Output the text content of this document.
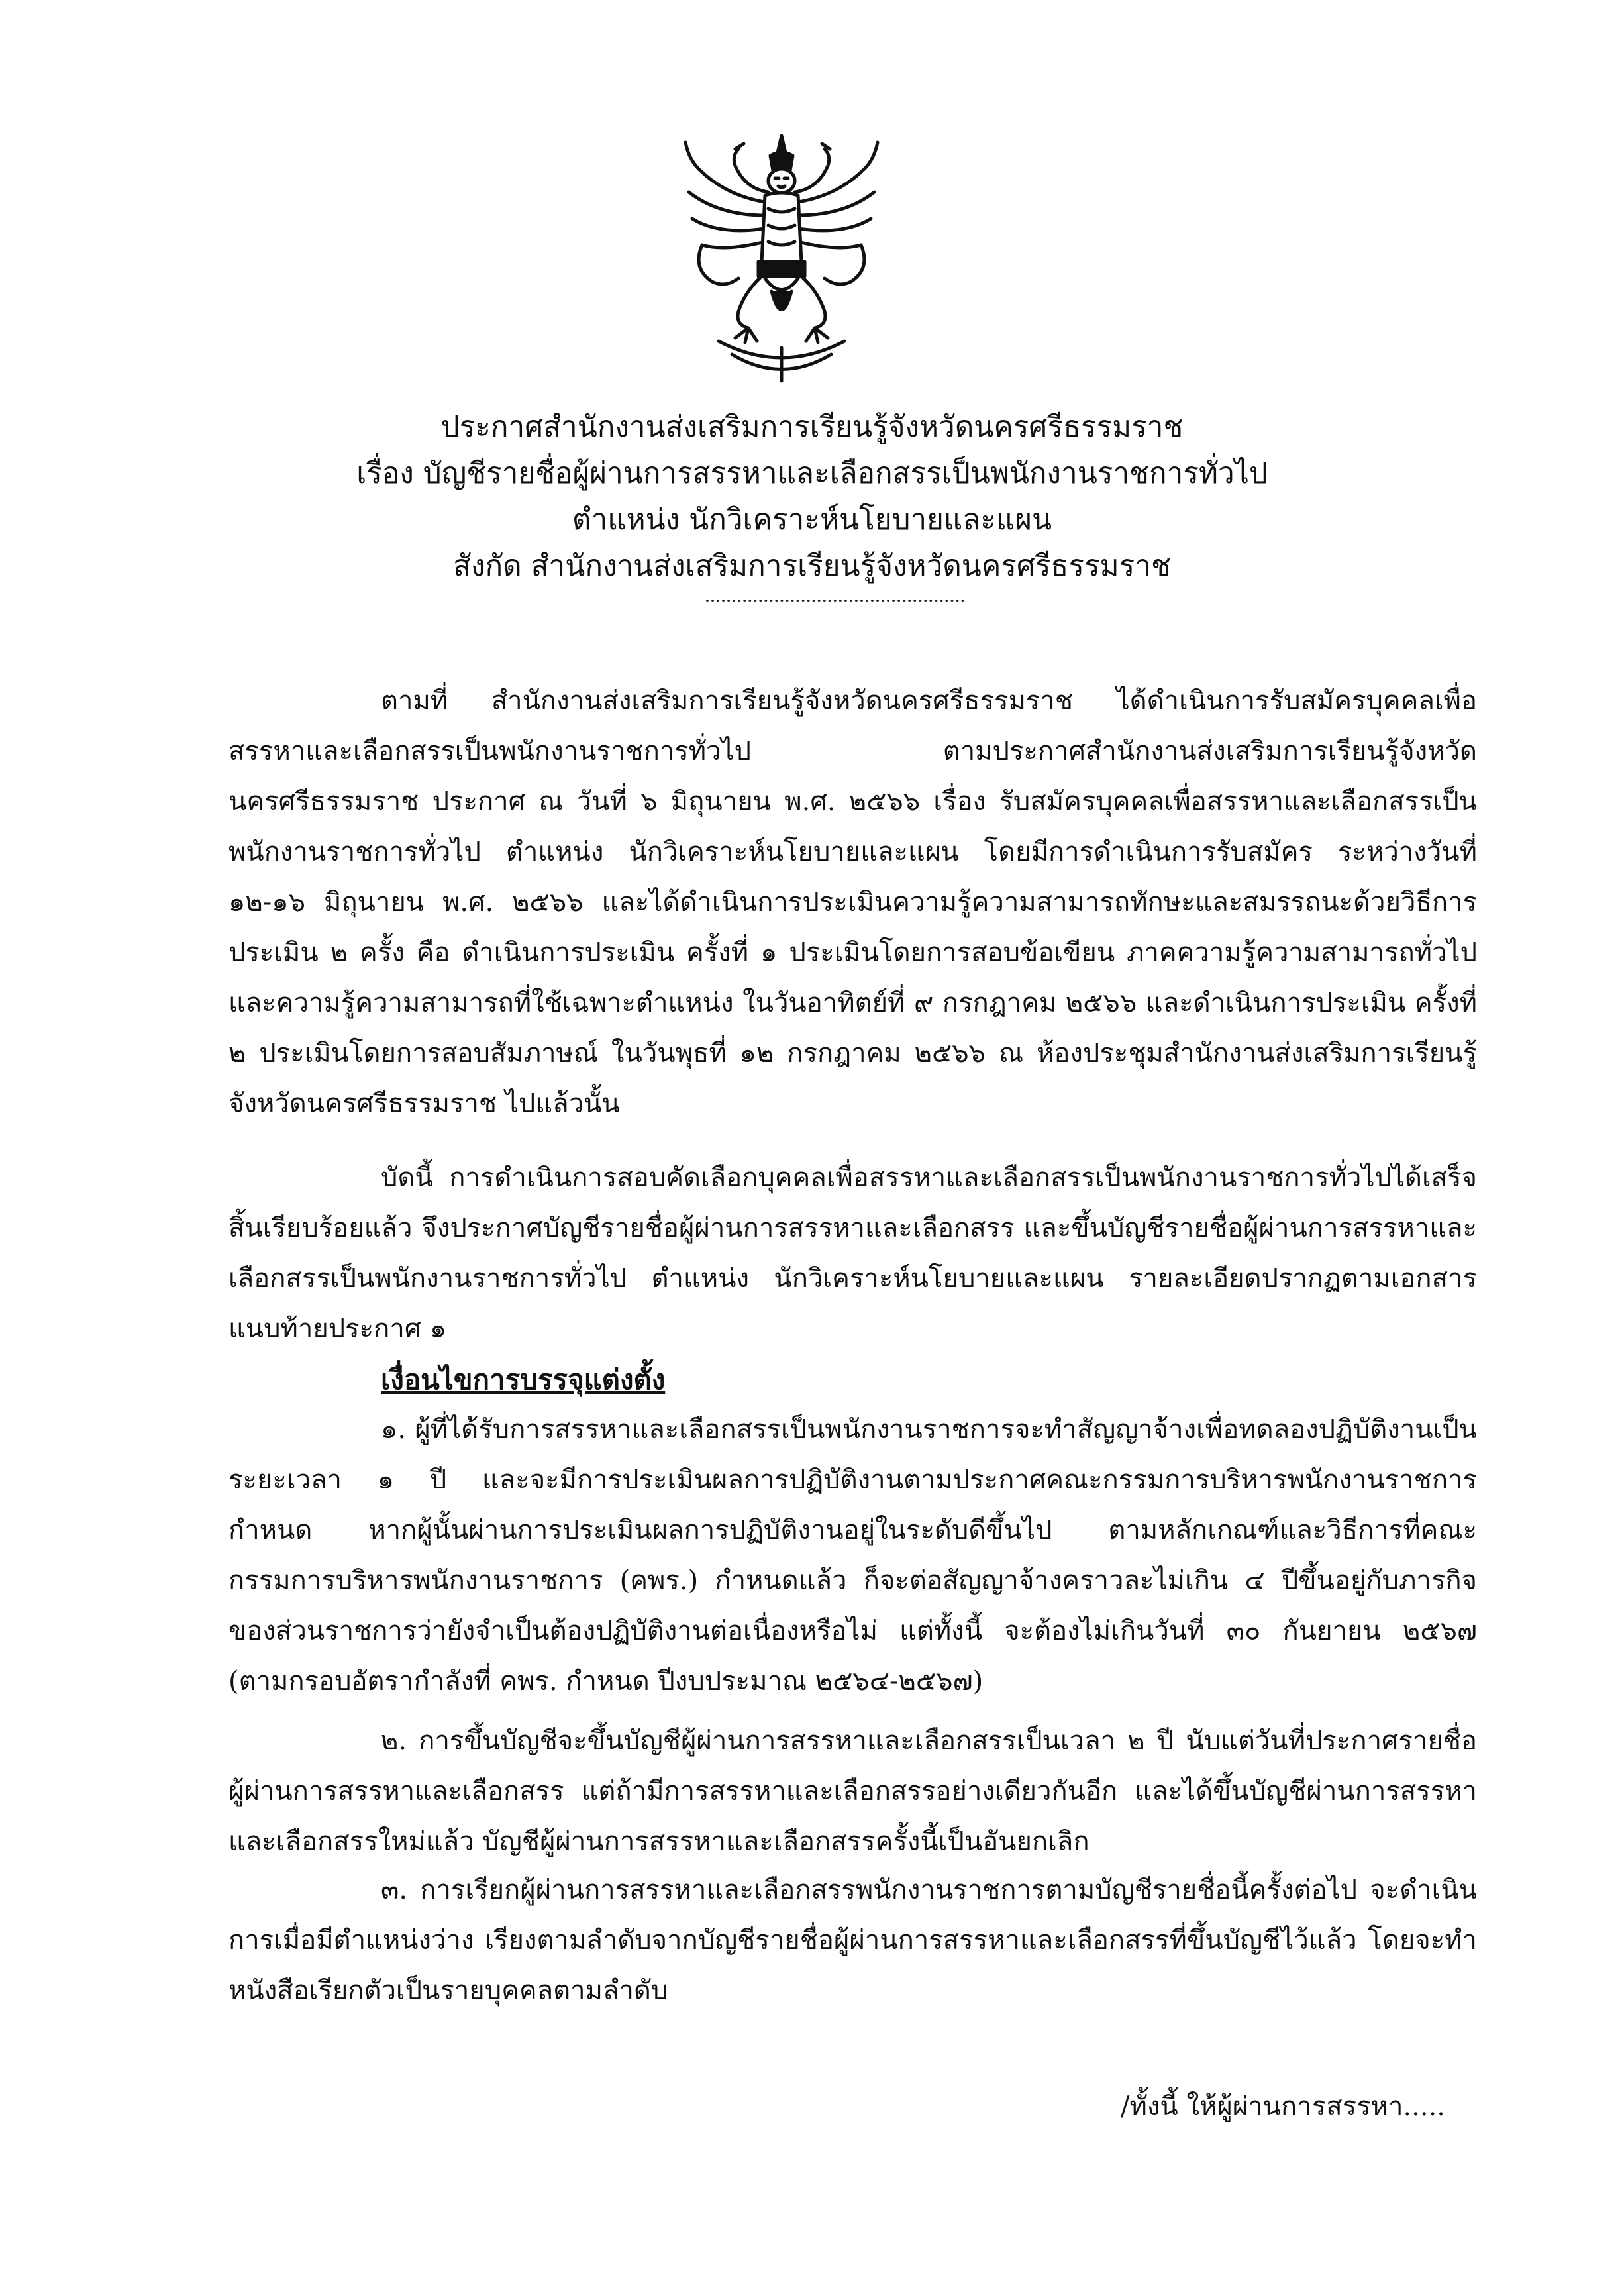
ประกาศสำนักงานส่งเสริมการเรียนรู้จังหวัดนครศรีธรรมราช
เรื่อง บัญชีรายชื่อผู้ผ่านการสรรหาและเลือกสรรเป็นพนักงานราชการทั่วไป
ตำแหน่ง นักวิเคราะห์นโยบายและแผน
สังกัด สำนักงานส่งเสริมการเรียนรู้จังหวัดนครศรีธรรมราช

ตามที่ สำนักงานส่งเสริมการเรียนรู้จังหวัดนครศรีธรรมราช ได้ดำเนินการรับสมัครบุคคลเพื่อสรรหาและเลือกสรรเป็นพนักงานราชการทั่วไป ตามประกาศสำนักงานส่งเสริมการเรียนรู้จังหวัดนครศรีธรรมราช ประกาศ ณ วันที่ ๖ มิถุนายน พ.ศ. ๒๕๖๖ เรื่อง รับสมัครบุคคลเพื่อสรรหาและเลือกสรรเป็นพนักงานราชการทั่วไป ตำแหน่ง นักวิเคราะห์นโยบายและแผน โดยมีการดำเนินการรับสมัคร ระหว่างวันที่ ๑๒-๑๖ มิถุนายน พ.ศ. ๒๕๖๖ และได้ดำเนินการประเมินความรู้ความสามารถทักษะและสมรรถนะด้วยวิธีการประเมิน ๒ ครั้ง คือ ดำเนินการประเมิน ครั้งที่ ๑ ประเมินโดยการสอบข้อเขียน ภาคความรู้ความสามารถทั่วไป และความรู้ความสามารถที่ใช้เฉพาะตำแหน่ง ในวันอาทิตย์ที่ ๙ กรกฎาคม ๒๕๖๖ และดำเนินการประเมิน ครั้งที่ ๒ ประเมินโดยการสอบสัมภาษณ์ ในวันพุธที่ ๑๒ กรกฎาคม ๒๕๖๖ ณ ห้องประชุมสำนักงานส่งเสริมการเรียนรู้จังหวัดนครศรีธรรมราช ไปแล้วนั้น

บัดนี้ การดำเนินการสอบคัดเลือกบุคคลเพื่อสรรหาและเลือกสรรเป็นพนักงานราชการทั่วไปได้เสร็จสิ้นเรียบร้อยแล้ว จึงประกาศบัญชีรายชื่อผู้ผ่านการสรรหาและเลือกสรร และขึ้นบัญชีรายชื่อผู้ผ่านการสรรหาและเลือกสรรเป็นพนักงานราชการทั่วไป ตำแหน่ง นักวิเคราะห์นโยบายและแผน รายละเอียดปรากฏตามเอกสารแนบท้ายประกาศ ๑

เงื่อนไขการบรรจุแต่งตั้ง

๑. ผู้ที่ได้รับการสรรหาและเลือกสรรเป็นพนักงานราชการจะทำสัญญาจ้างเพื่อทดลองปฏิบัติงานเป็นระยะเวลา ๑ ปี และจะมีการประเมินผลการปฏิบัติงานตามประกาศคณะกรรมการบริหารพนักงานราชการกำหนด หากผู้นั้นผ่านการประเมินผลการปฏิบัติงานอยู่ในระดับดีขึ้นไป ตามหลักเกณฑ์และวิธีการที่คณะกรรมการบริหารพนักงานราชการ (คพร.) กำหนดแล้ว ก็จะต่อสัญญาจ้างคราวละไม่เกิน ๔ ปีขึ้นอยู่กับภารกิจของส่วนราชการว่ายังจำเป็นต้องปฏิบัติงานต่อเนื่องหรือไม่ แต่ทั้งนี้ จะต้องไม่เกินวันที่ ๓๐ กันยายน ๒๕๖๗ (ตามกรอบอัตรากำลังที่ คพร. กำหนด ปีงบประมาณ ๒๕๖๔-๒๕๖๗)

๒. การขึ้นบัญชีจะขึ้นบัญชีผู้ผ่านการสรรหาและเลือกสรรเป็นเวลา ๒ ปี นับแต่วันที่ประกาศรายชื่อผู้ผ่านการสรรหาและเลือกสรร แต่ถ้ามีการสรรหาและเลือกสรรอย่างเดียวกันอีก และได้ขึ้นบัญชีผ่านการสรรหาและเลือกสรรใหม่แล้ว บัญชีผู้ผ่านการสรรหาและเลือกสรรครั้งนี้เป็นอันยกเลิก

๓. การเรียกผู้ผ่านการสรรหาและเลือกสรรพนักงานราชการตามบัญชีรายชื่อนี้ครั้งต่อไป จะดำเนินการเมื่อมีตำแหน่งว่าง เรียงตามลำดับจากบัญชีรายชื่อผู้ผ่านการสรรหาและเลือกสรรที่ขึ้นบัญชีไว้แล้ว โดยจะทำหนังสือเรียกตัวเป็นรายบุคคลตามลำดับ

/ทั้งนี้ ให้ผู้ผ่านการสรรหา.....
